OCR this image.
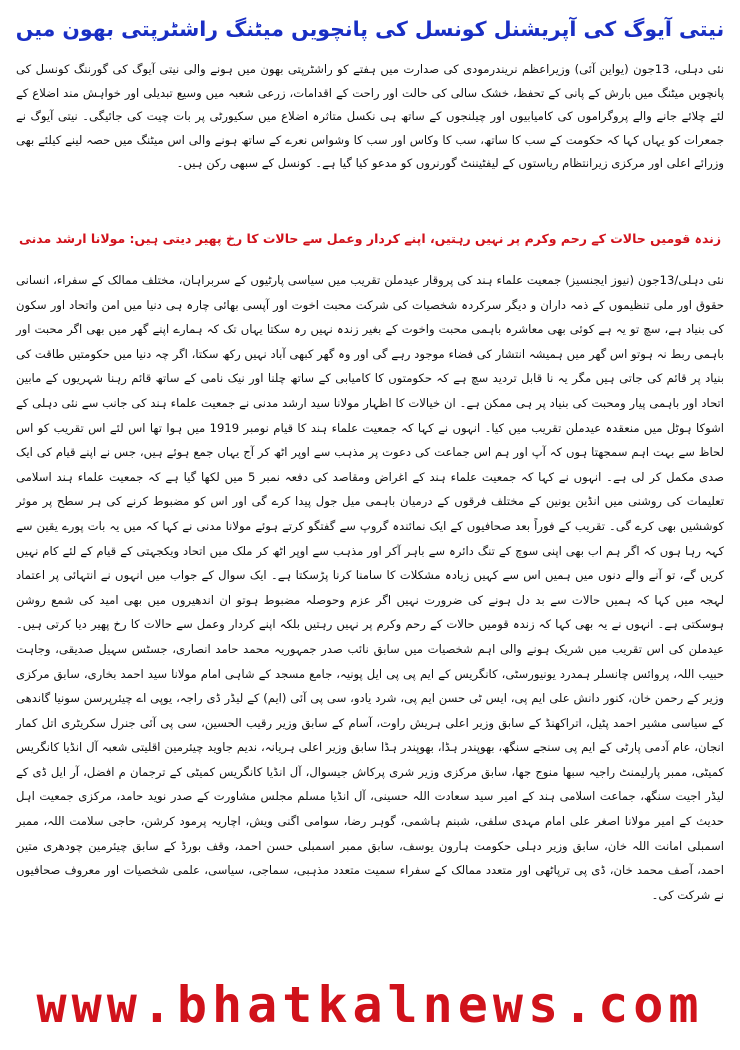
نیتی آیوگ کی آپریشنل کونسل کی پانچویں میٹنگ راشٹرپتی بھون میں
نئی دہلی، 13جون (یواین آئی) وزیراعظم نریندرمودی کی صدارت میں ہفتے کو راشٹرپتی بھون میں ہونے والی نیتی آیوگ کی گورننگ کونسل کی پانچویں میٹنگ میں بارش کے پانی کے تحفظ، خشک سالی کی حالت اور راحت کے اقدامات، زرعی شعبہ میں وسیع تبدیلی اور خواہش مند اضلاع کے لئے چلائے جانے والے پروگراموں کی کامیابیوں اور چیلنجوں کے ساتھ ہی نکسل متاثرہ اضلاع میں سکیورٹی پر بات چیت کی جائیگی۔ نیتی آیوگ نے جمعرات کو یہاں کہا کہ حکومت کے سب کا ساتھ، سب کا وکاس اور سب کا وشواس نعرے کے ساتھ ہونے والی اس میٹنگ میں حصہ لینے کیلئے بھی وزرائے اعلی اور مرکزی زیرانتظام ریاستوں کے لیفٹیننٹ گورنروں کو مدعو کیا گیا ہے۔ کونسل کے سبھی رکن ہیں۔
زندہ قومیں حالات کے رحم وکرم پر نہیں رہتیں، اپنے کردار وعمل سے حالات کا رخ پھیر دیتی ہیں: مولانا ارشد مدنی
نئی دہلی/13جون (نیوز ایجنسیز) جمعیت علماء ہند کی پروقار عیدملن تقریب میں سیاسی پارٹیوں کے سربراہان، مختلف ممالک کے سفراء، انسانی حقوق اور ملی تنظیموں کے ذمہ داران و دیگر سرکردہ شخصیات کی شرکت محبت اخوت اور آپسی بھائی چارہ ہی دنیا میں امن واتحاد اور سکون کی بنیاد ہے، سچ تو یہ ہے کوئی بھی معاشرہ باہمی محبت واخوت کے بغیر زندہ نہیں رہ سکتا یہاں تک کہ ہمارے اپنے گھر میں بھی اگر محبت اور باہمی ربط نہ ہوتو اس گھر میں ہمیشہ انتشار کی فضاء موجود رہے گی اور وہ گھر کبھی آباد نہیں رکھ سکتا، اگر چہ دنیا میں حکومتیں طاقت کی بنیاد پر قائم کی جاتی ہیں مگر یہ نا قابل تردید سچ ہے کہ حکومتوں کا کامیابی کے ساتھ چلنا اور نیک نامی کے ساتھ قائم رہنا شہریوں کے مابین اتحاد اور باہمی پیار ومحبت کی بنیاد پر ہی ممکن ہے۔ ان خیالات کا اظہار مولانا سید ارشد مدنی نے جمعیت علماء ہند کی جانب سے نئی دہلی کے اشوکا ہوٹل میں منعقدہ عیدملن تقریب میں کیا۔ انہوں نے کہا کہ جمعیت علماء ہند کا قیام نومبر 1919 میں ہوا تھا اس لئے اس تقریب کو اس لحاظ سے بہت اہم سمجھتا ہوں کہ آپ اور ہم اس جماعت کی دعوت پر مذہب سے اوپر اٹھ کر آج یہاں جمع ہوئے ہیں، جس نے اپنے قیام کی ایک صدی مکمل کر لی ہے۔ انہوں نے کہا کہ جمعیت علماء ہند کے اغراض ومقاصد کی دفعہ نمبر 5 میں لکھا گیا ہے کہ جمعیت علماء ہند اسلامی تعلیمات کی روشنی میں انڈین یونین کے مختلف فرقوں کے درمیان باہمی میل جول پیدا کرے گی اور اس کو مضبوط کرنے کی ہر سطح پر موثر کوششیں بھی کرے گی۔ تقریب کے فوراً بعد صحافیوں کے ایک نمائندہ گروپ سے گفتگو کرتے ہوئے مولانا مدنی نے کہا کہ میں یہ بات پورے یقین سے کہہ رہا ہوں کہ اگر ہم اب بھی اپنی سوچ کے تنگ دائرہ سے باہر آکر اور مذہب سے اوپر اٹھ کر ملک میں اتحاد ویکجہتی کے قیام کے لئے کام نہیں کریں گے، تو آنے والے دنوں میں ہمیں اس سے کہیں زیادہ مشکلات کا سامنا کرنا پڑسکتا ہے۔ ایک سوال کے جواب میں انہوں نے انتہائی پر اعتماد لہجہ میں کہا کہ ہمیں حالات سے بد دل ہونے کی ضرورت نہیں اگر عزم وحوصلہ مضبوط ہوتو ان اندھیروں میں بھی امید کی شمع روشن ہوسکتی ہے۔ انہوں نے یہ بھی کہا کہ زندہ قومیں حالات کے رحم وکرم پر نہیں رہتیں بلکہ اپنے کردار وعمل سے حالات کا رخ پھیر دیا کرتی ہیں۔ عیدملن کی اس تقریب میں شریک ہونے والی اہم شخصیات میں سابق نائب صدر جمہوریہ محمد حامد انصاری، جسٹس سہیل صدیقی، وجاہت حبیب اللہ، پروائس چانسلر ہمدرد یونیورسٹی، کانگریس کے ایم پی پی ایل پونیہ، جامع مسجد کے شاہی امام مولانا سید احمد بخاری، سابق مرکزی وزیر کے رحمن خان، کنور دانش علی ایم پی، ایس ٹی حسن ایم پی، شرد یادو، سی پی آئی (ایم) کے لیڈر ڈی راجہ، یوپی اے چیئرپرسن سونیا گاندھی کے سیاسی مشیر احمد پٹیل، اتراکھنڈ کے سابق وزیر اعلی ہریش راوت، آسام کے سابق وزیر رقیب الحسین، سی پی آئی جنرل سکریٹری اتل کمار انجان، عام آدمی پارٹی کے ایم پی سنجے سنگھ، بھوپندر ہڈا، بھوپندر ہڈا سابق وزیر اعلی ہریانہ، ندیم جاوید چیئرمین اقلیتی شعبہ آل انڈیا کانگریس کمیٹی، ممبر پارلیمنٹ راجیہ سبھا منوج جھا، سابق مرکزی وزیر شری پرکاش جیسوال، آل انڈیا کانگریس کمیٹی کے ترجمان م افضل، آر ایل ڈی کے لیڈر اجیت سنگھ، جماعت اسلامی ہند کے امیر سید سعادت اللہ حسینی، آل انڈیا مسلم مجلس مشاورت کے صدر نوید حامد، مرکزی جمعیت اہل حدیث کے امیر مولانا اصغر علی امام مہدی سلفی، شبنم ہاشمی، گوہر رضا، سوامی اگنی ویش، اچاریہ پرمود کرشن، حاجی سلامت اللہ، ممبر اسمبلی امانت اللہ خان، سابق وزیر دہلی حکومت ہارون یوسف، سابق ممبر اسمبلی حسن احمد، وقف بورڈ کے سابق چیئرمین چودھری متین احمد، آصف محمد خان، ڈی پی ترپاٹھی اور متعدد ممالک کے سفراء سمیت متعدد مذہبی، سماجی، سیاسی، علمی شخصیات اور معروف صحافیوں نے شرکت کی۔
www.bhatkalnews.com
